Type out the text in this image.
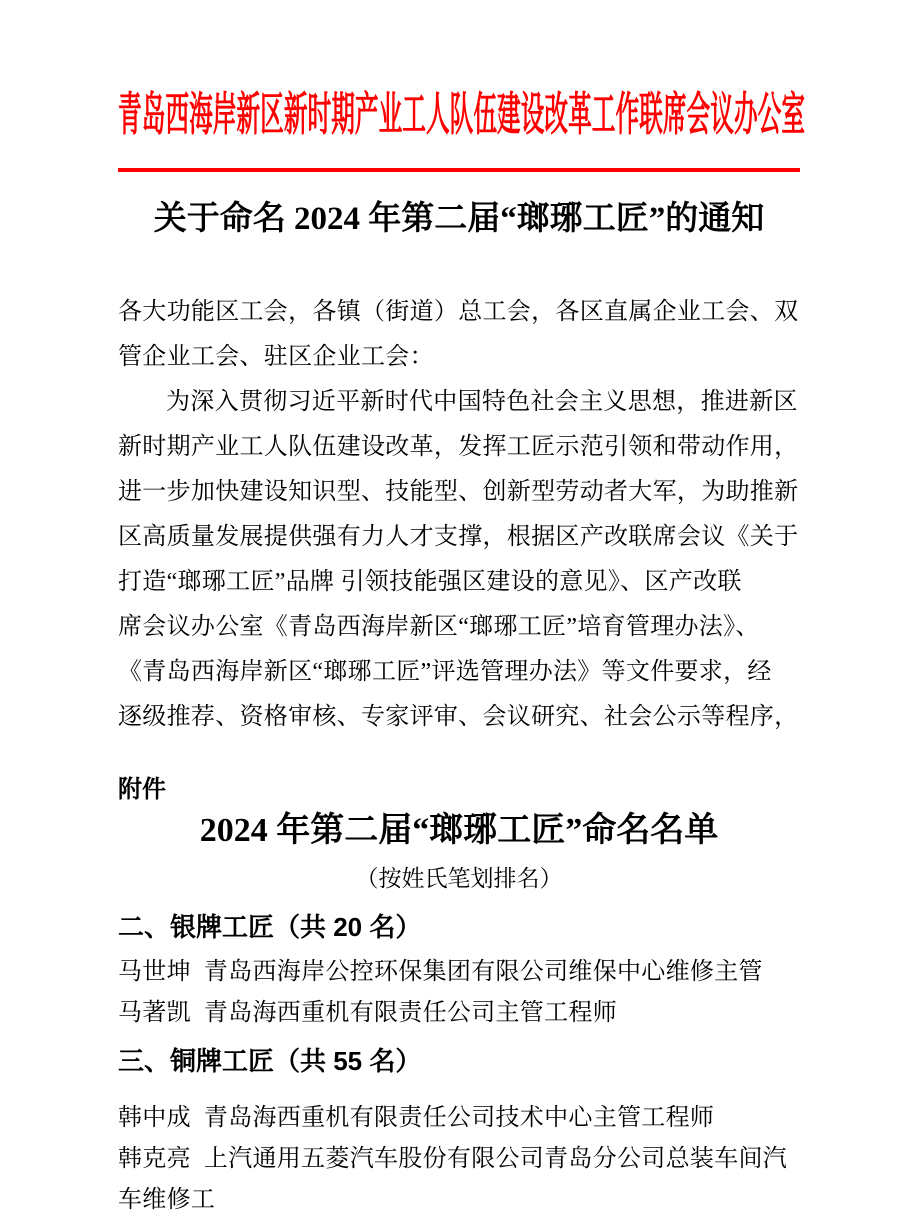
青岛西海岸新区新时期产业工人队伍建设改革工作联席会议办公室
关于命名 2024 年第二届“瑯琊工匠”的通知
各大功能区工会，各镇（街道）总工会，各区直属企业工会、双
管企业工会、驻区企业工会：
为深入贯彻习近平新时代中国特色社会主义思想，推进新区
新时期产业工人队伍建设改革，发挥工匠示范引领和带动作用，
进一步加快建设知识型、技能型、创新型劳动者大军，为助推新
区高质量发展提供强有力人才支撑，根据区产改联席会议《关于
打造“瑯琊工匠”品牌 引领技能强区建设的意见》、区产改联
席会议办公室《青岛西海岸新区“瑯琊工匠”培育管理办法》、
《青岛西海岸新区“瑯琊工匠”评选管理办法》等文件要求，经
逐级推荐、资格审核、专家评审、会议研究、社会公示等程序，
附件
2024 年第二届“瑯琊工匠”命名名单
（按姓氏笔划排名）
二、银牌工匠（共 20 名）
马世坤 青岛西海岸公控环保集团有限公司维保中心维修主管
马著凯 青岛海西重机有限责任公司主管工程师
三、铜牌工匠（共 55 名）
韩中成 青岛海西重机有限责任公司技术中心主管工程师
韩克亮 上汽通用五菱汽车股份有限公司青岛分公司总装车间汽车维修工
